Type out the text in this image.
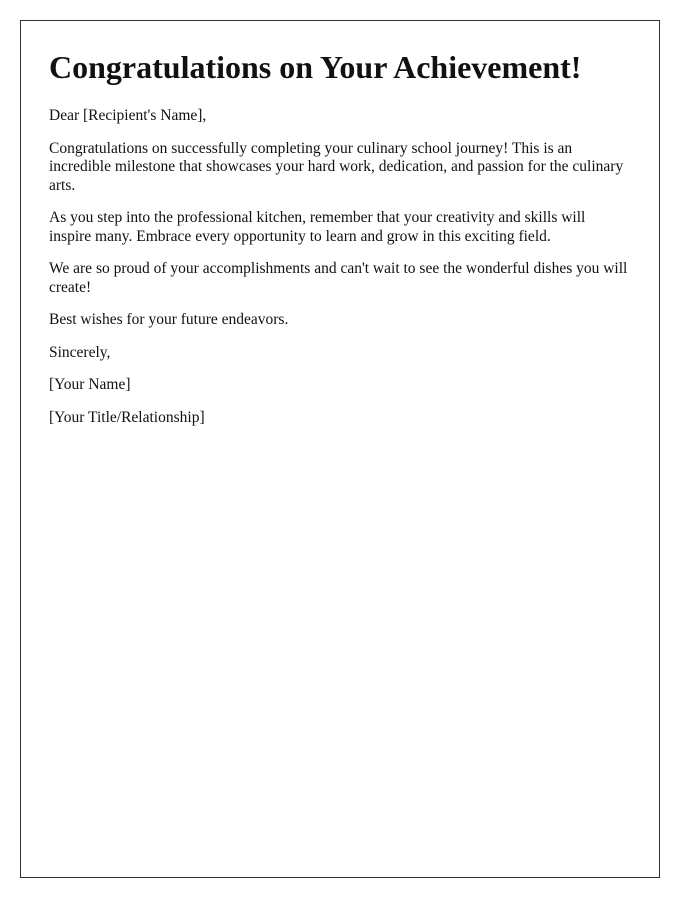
Congratulations on Your Achievement!

Dear [Recipient's Name],

Congratulations on successfully completing your culinary school journey! This is an incredible milestone that showcases your hard work, dedication, and passion for the culinary arts.

As you step into the professional kitchen, remember that your creativity and skills will inspire many. Embrace every opportunity to learn and grow in this exciting field.

We are so proud of your accomplishments and can't wait to see the wonderful dishes you will create!

Best wishes for your future endeavors.

Sincerely,

[Your Name]

[Your Title/Relationship]
